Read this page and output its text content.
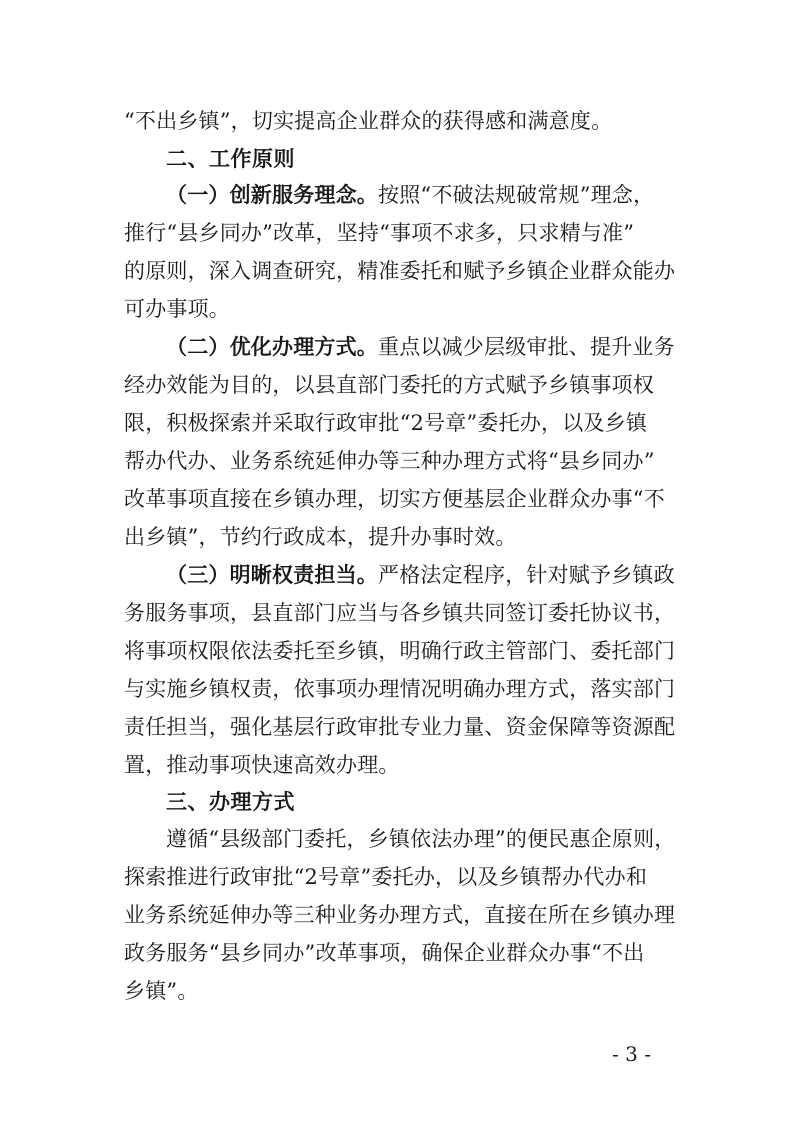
“不出乡镇”，切实提高企业群众的获得感和满意度。
二、工作原则
（一）创新服务理念。按照“不破法规破常规”理念，
推行“县乡同办”改革，坚持“事项不求多，只求精与准”
的原则，深入调查研究，精准委托和赋予乡镇企业群众能办
可办事项。
（二）优化办理方式。重点以减少层级审批、提升业务
经办效能为目的，以县直部门委托的方式赋予乡镇事项权
限，积极探索并采取行政审批“2号章”委托办，以及乡镇
帮办代办、业务系统延伸办等三种办理方式将“县乡同办”
改革事项直接在乡镇办理，切实方便基层企业群众办事“不
出乡镇”，节约行政成本，提升办事时效。
（三）明晰权责担当。严格法定程序，针对赋予乡镇政
务服务事项，县直部门应当与各乡镇共同签订委托协议书，
将事项权限依法委托至乡镇，明确行政主管部门、委托部门
与实施乡镇权责，依事项办理情况明确办理方式，落实部门
责任担当，强化基层行政审批专业力量、资金保障等资源配
置，推动事项快速高效办理。
三、办理方式
遵循“县级部门委托，乡镇依法办理”的便民惠企原则，
探索推进行政审批“2号章”委托办，以及乡镇帮办代办和
业务系统延伸办等三种业务办理方式，直接在所在乡镇办理
政务服务“县乡同办”改革事项，确保企业群众办事“不出
乡镇”。
- 3 -
